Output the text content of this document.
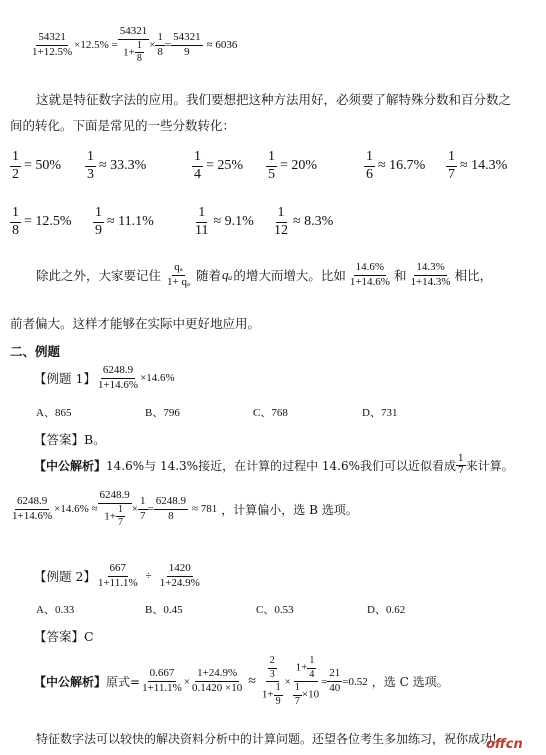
$\frac{54321}{1+12.5\%} \times 12.5\% = \frac{54321}{1+ \frac{1}{8}} \times \frac{1}{8} = \frac{54321}{9} \approx 6036$
这就是特征数字法的应用。我们要想把这种方法用好，必须要了解特殊分数和百分数之
间的转化。下面是常见的一些分数转化：
$\frac{1}{2} = 50\% \frac{1}{3} \approx 33.3\%$	$\frac{1}{4} = 25\% \frac{1}{5} = 20\%$	$\frac{1}{6} \approx 16.7\% \frac{1}{7} \approx 14.3\%$
$\frac{1}{8} = 12.5\% \frac{1}{9} \approx 11.1\%$	$\frac{1}{11} \approx 9.1\% \frac{1}{12} \approx 8.3\%$
除此之外，大家要记住 $\frac{\text{qₐ}}{\text{1+ qₐ}}$ 随着 qₐ 的增大而增大。比如 $\frac{14.6\%}{1+14.6\%}$ 和 $\frac{14.3\%}{1+14.3\%}$ 相比，
前者偏大。这样才能够在实际中更好地应用。
二、例题
【例题 1】 $\frac{6248.9}{1+14.6\%} \times 14.6\%$
A、865	B、796	C、768	D、731
【答案】B。
【中公解析】 14.6%与 14.3%接近，在计算的过程中 14.6%我们可以近似看成 $\frac{1}{7}$ 来计算。
$\frac{6248.9}{1+14.6\%} \times 14.6\% \approx \frac{6248.9}{1+ \frac{1}{7}} \times \frac{1}{7} = \frac{6248.9}{8} \approx 781$ ，计算偏小，选 B 选项。
【例题 2】 $\frac{667}{1+11.1\%} \div \frac{1420}{1+24.9\%}$
A、0.33	B、0.45	C、0.53	D、0.62
【答案】C
【中公解析】 原式= $\frac{0.667}{1+11.1\%} \times \frac{1+24.9\%}{0.1420 \times 10} \approx \frac{\frac{2}{3}}{1+ \frac{1}{9}} \times \frac{1+ \frac{1}{4}}{\frac{1}{7} \times 10} = \frac{21}{40} =0.52$ ，选 C 选项。
特征数字法可以较快的解决资料分析中的计算问题。还望各位考生多加练习，祝你成功!
offcn
